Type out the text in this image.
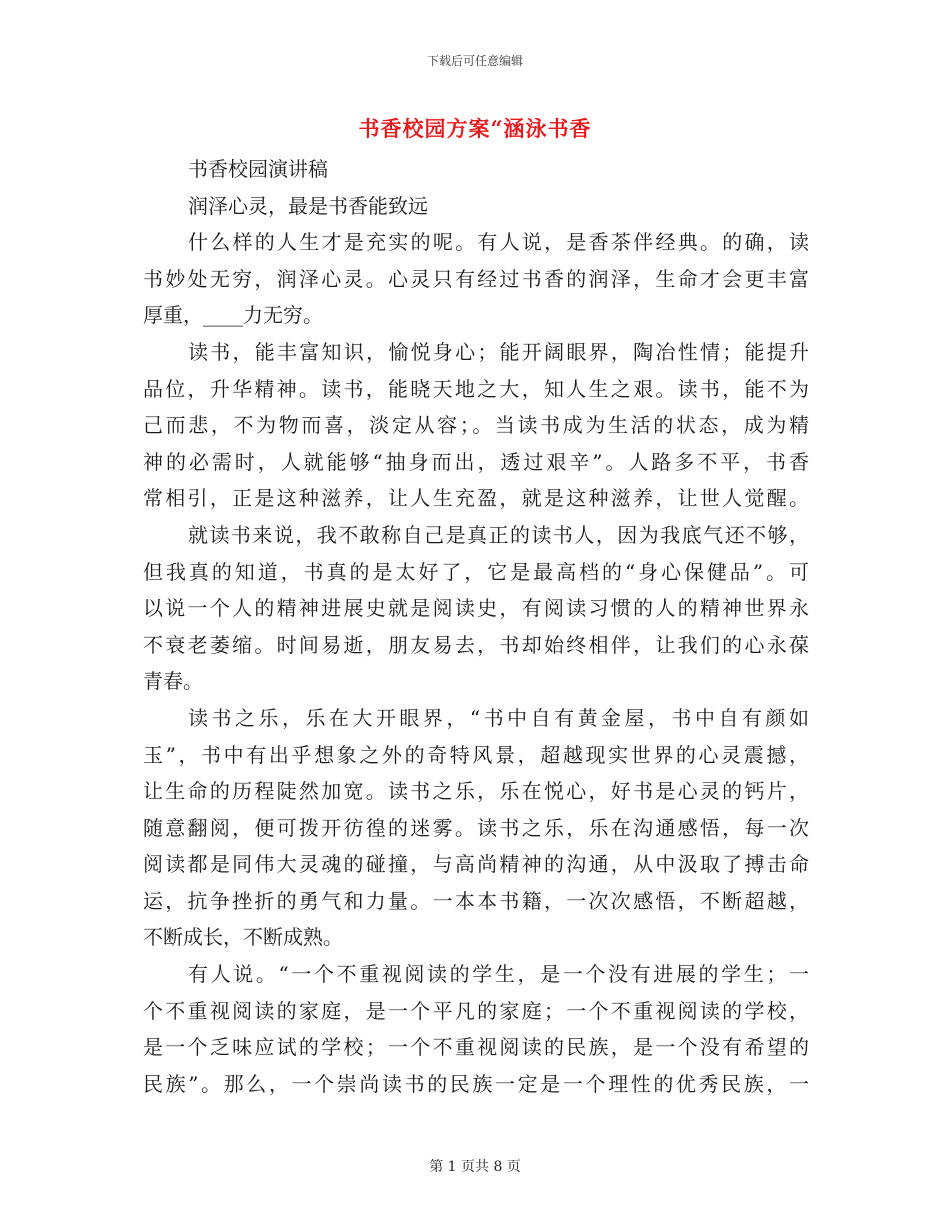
下载后可任意编辑
书香校园方案“涵泳书香
书香校园演讲稿
润泽心灵，最是书香能致远
什么样的人生才是充实的呢。有人说，是香茶伴经典。的确，读
书妙处无穷，润泽心灵。心灵只有经过书香的润泽，生命才会更丰富
厚重，____力无穷。
读书，能丰富知识，愉悦身心；能开阔眼界，陶冶性情；能提升
品位，升华精神。读书，能晓天地之大，知人生之艰。读书，能不为
己而悲，不为物而喜，淡定从容；。当读书成为生活的状态，成为精
神的必需时，人就能够“抽身而出，透过艰辛”。人路多不平，书香
常相引，正是这种滋养，让人生充盈，就是这种滋养，让世人觉醒。
就读书来说，我不敢称自己是真正的读书人，因为我底气还不够，
但我真的知道，书真的是太好了，它是最高档的“身心保健品”。可
以说一个人的精神进展史就是阅读史，有阅读习惯的人的精神世界永
不衰老萎缩。时间易逝，朋友易去，书却始终相伴，让我们的心永葆
青春。
读书之乐，乐在大开眼界，“书中自有黄金屋，书中自有颜如
玉”，书中有出乎想象之外的奇特风景，超越现实世界的心灵震撼，
让生命的历程陡然加宽。读书之乐，乐在悦心，好书是心灵的钙片，
随意翻阅，便可拨开彷徨的迷雾。读书之乐，乐在沟通感悟，每一次
阅读都是同伟大灵魂的碰撞，与高尚精神的沟通，从中汲取了搏击命
运，抗争挫折的勇气和力量。一本本书籍，一次次感悟，不断超越，
不断成长，不断成熟。
有人说。“一个不重视阅读的学生，是一个没有进展的学生；一
个不重视阅读的家庭，是一个平凡的家庭；一个不重视阅读的学校，
是一个乏味应试的学校；一个不重视阅读的民族，是一个没有希望的
民族”。那么，一个崇尚读书的民族一定是一个理性的优秀民族，一
第 1 页共 8 页
